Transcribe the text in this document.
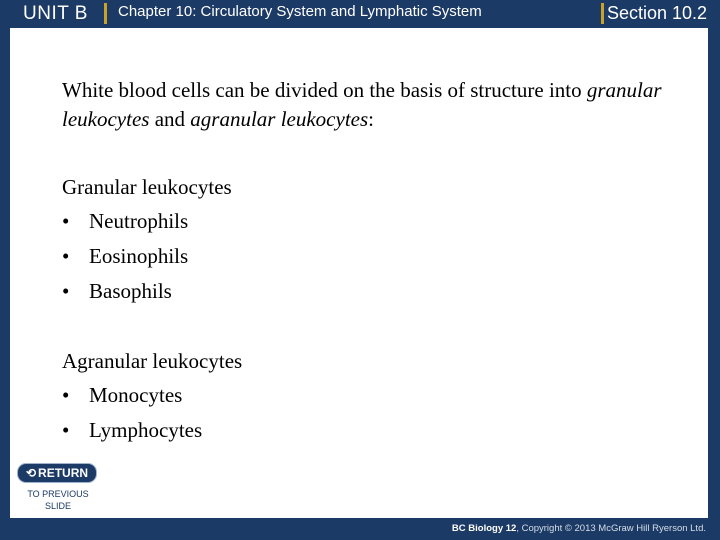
UNIT B	Chapter 10: Circulatory System and Lymphatic System	Section 10.2
White blood cells can be divided on the basis of structure into granular leukocytes and agranular leukocytes:
Granular leukocytes
• Neutrophils
• Eosinophils
• Basophils
Agranular leukocytes
• Monocytes
• Lymphocytes
⟲ RETURN
TO PREVIOUS
SLIDE
BC Biology 12, Copyright © 2013 McGraw Hill Ryerson Ltd.
